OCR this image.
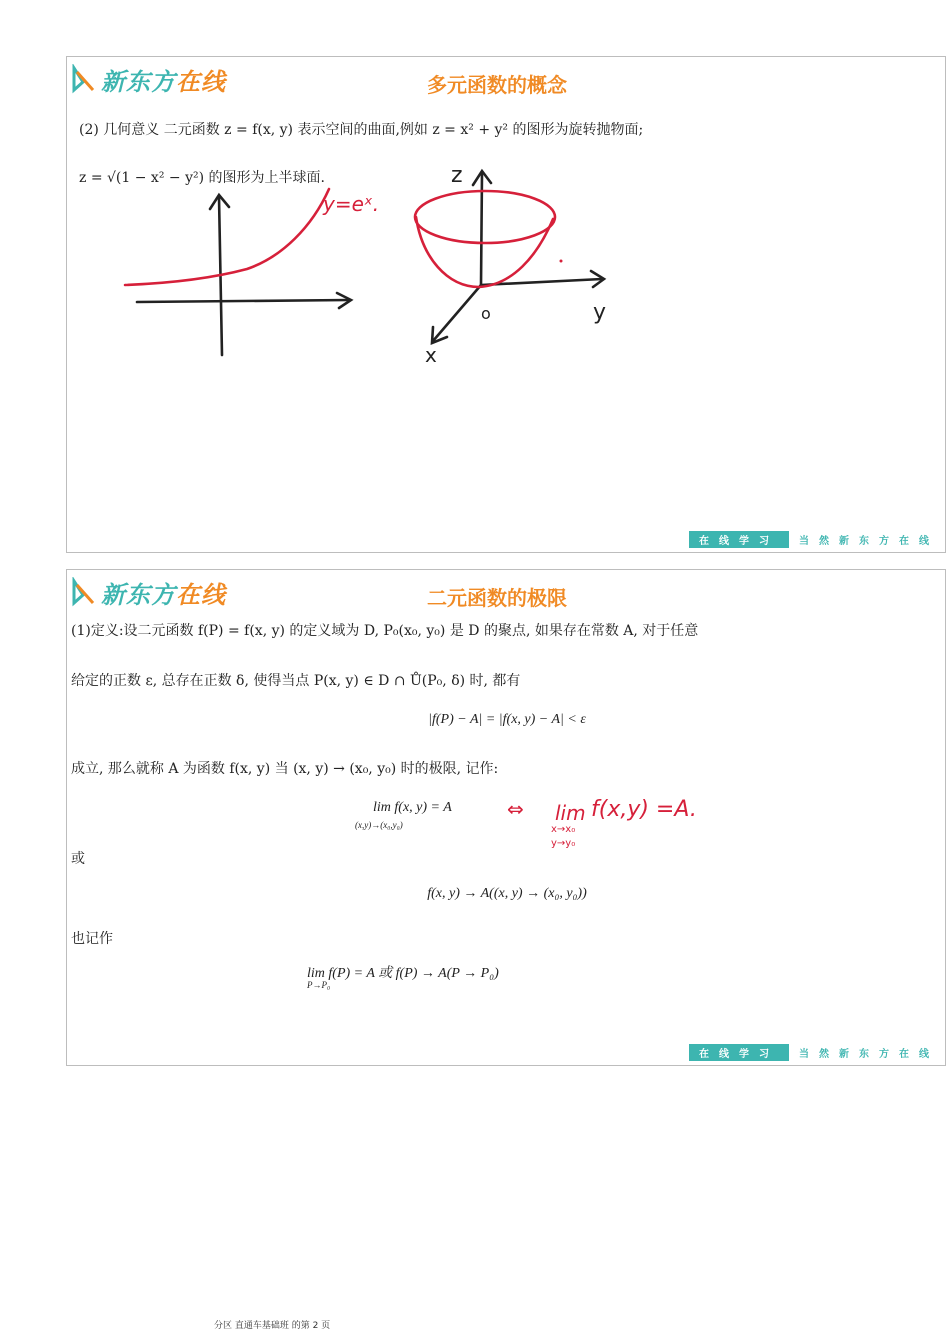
新东方在线	多元函数的概念
(2) 几何意义 二元函数 z = f(x, y) 表示空间的曲面,例如 z = x² + y² 的图形为旋转抛物面;
z = √(1 − x² − y²) 的图形为上半球面.
y=eˣ.
z
y
x
o
在线学习	当然新东方在线
新东方在线	二元函数的极限
(1)定义:设二元函数 f(P) = f(x, y) 的定义域为 D, P₀(x₀, y₀) 是 D 的聚点, 如果存在常数 A, 对于任意
给定的正数 ε, 总存在正数 δ, 使得当点 P(x, y) ∈ D ∩ Ů(P₀, δ) 时, 都有
|f(P) − A| = |f(x, y) − A| < ε
成立, 那么就称 A 为函数 f(x, y) 当 (x, y) → (x₀, y₀) 时的极限, 记作:
lim f(x, y) = A
(x,y)→(x₀,y₀)
⇔ lim
x→x₀
y→y₀
f(x,y) =A.
或
f(x, y) → A((x, y) → (x₀, y₀))
也记作
lim f(P) = A 或 f(P) → A(P → P₀)
P→P₀
在线学习	当然新东方在线
分区 直通车基础班 的第 2 页
